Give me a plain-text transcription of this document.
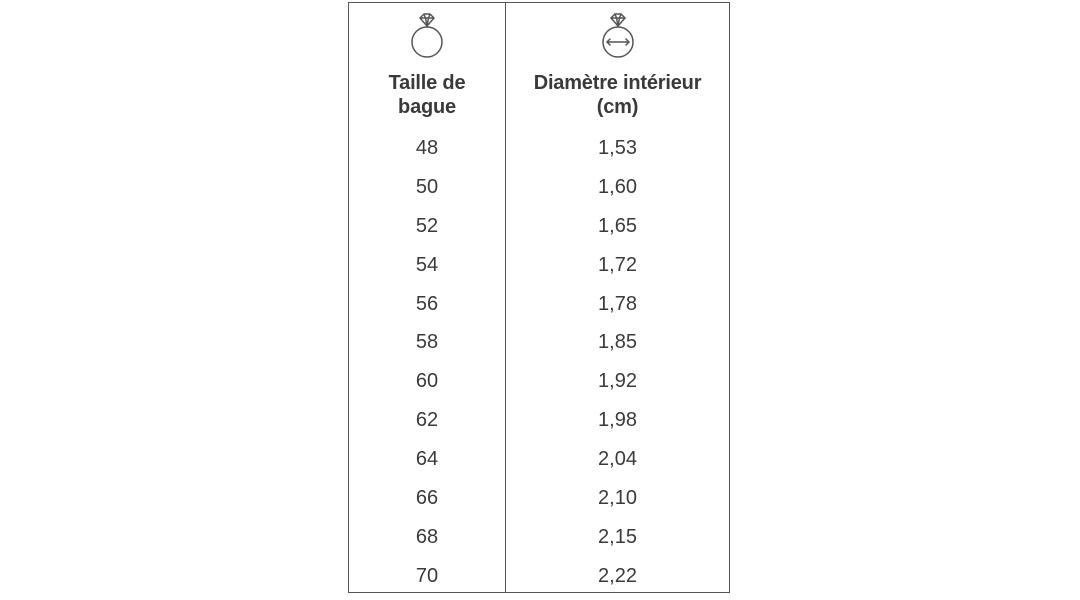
Taille de
bague
48
50
52
54
56
58
60
62
64
66
68
70
Diamètre intérieur
(cm)
1,53
1,60
1,65
1,72
1,78
1,85
1,92
1,98
2,04
2,10
2,15
2,22
